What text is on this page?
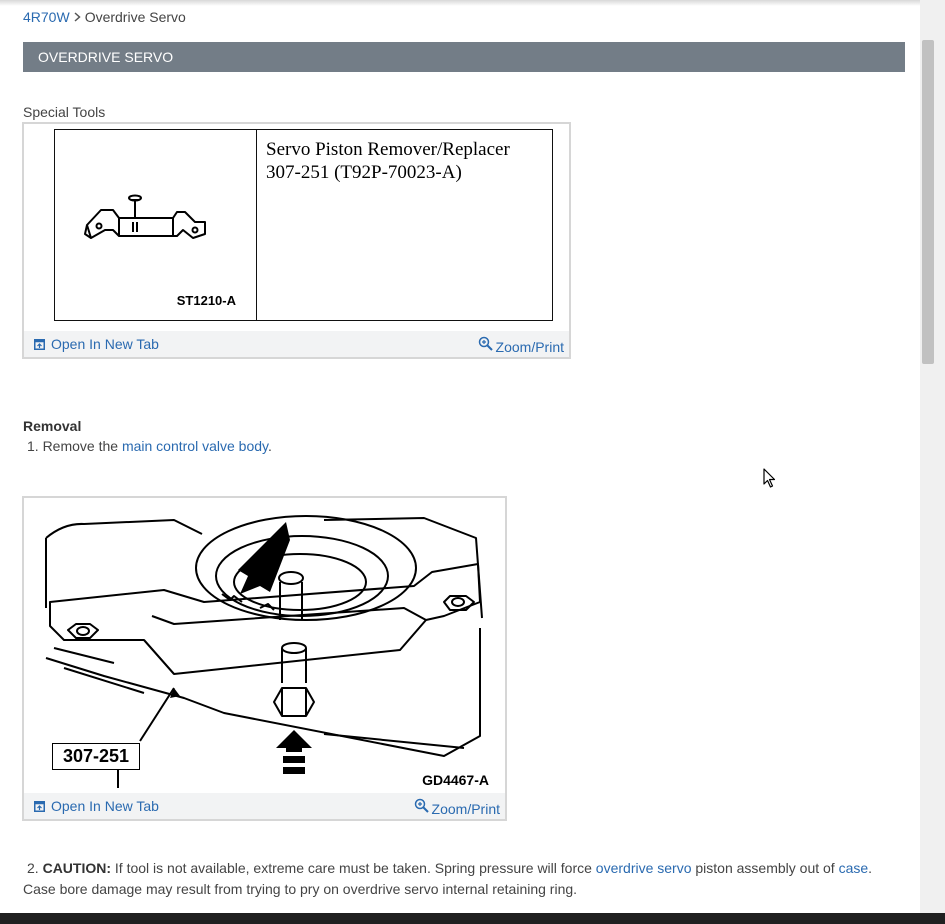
4R70W Overdrive Servo
OVERDRIVE SERVO
Special Tools
ST1210-A
Servo Piston Remover/Replacer
307-251 (T92P-70023-A)
Open In New Tab	Zoom/Print
Removal
1. Remove the main control valve body.
307-251
GD4467-A
Open In New Tab	Zoom/Print
2. CAUTION: If tool is not available, extreme care must be taken. Spring pressure will force overdrive servo piston assembly out of case.
Case bore damage may result from trying to pry on overdrive servo internal retaining ring.
